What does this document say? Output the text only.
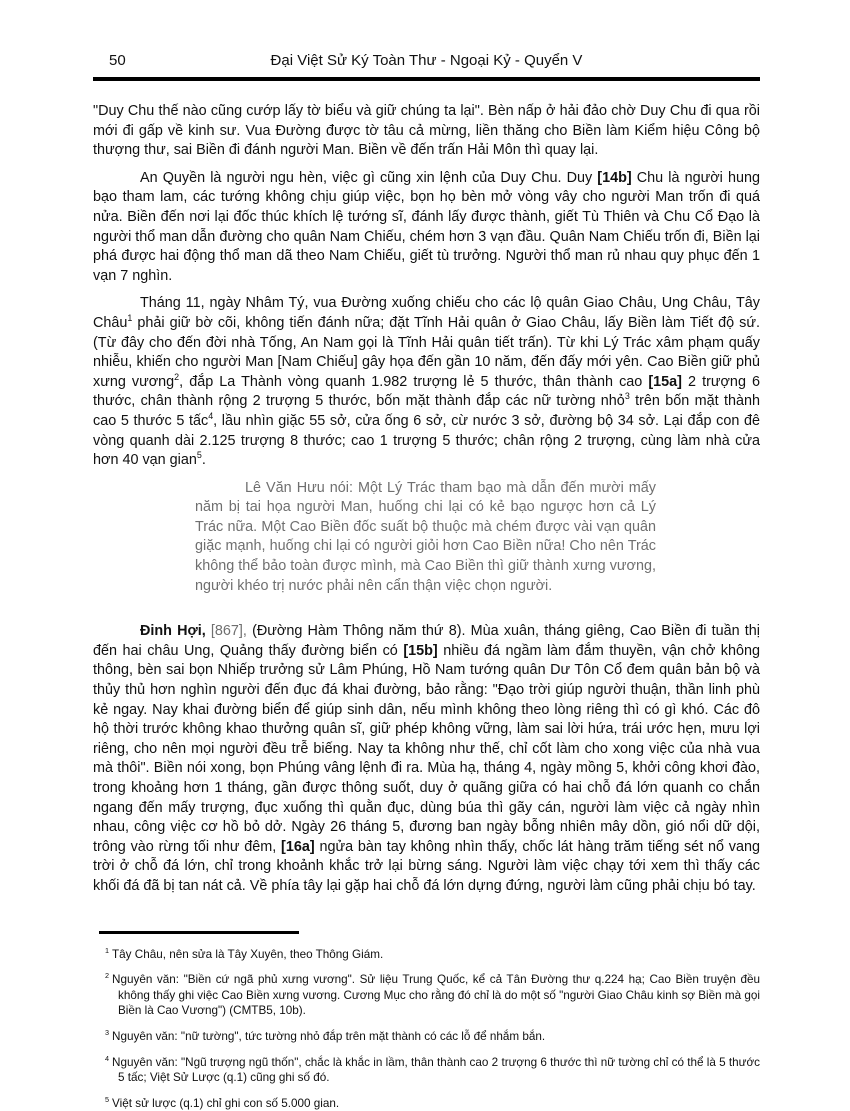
50	Đại Việt Sử Ký Toàn Thư - Ngoại Kỷ - Quyển V
"Duy Chu thế nào cũng cướp lấy tờ biểu và giữ chúng ta lại". Bèn nấp ở hải đảo chờ Duy Chu đi qua rồi mới đi gấp về kinh sư. Vua Đường được tờ tâu cả mừng, liền thăng cho Biền làm Kiểm hiệu Công bộ thượng thư, sai Biền đi đánh người Man. Biền về đến trấn Hải Môn thì quay lại.
An Quyền là người ngu hèn, việc gì cũng xin lệnh của Duy Chu. Duy [14b] Chu là người hung bạo tham lam, các tướng không chịu giúp việc, bọn họ bèn mở vòng vây cho người Man trốn đi quá nửa. Biền đến nơi lại đốc thúc khích lệ tướng sĩ, đánh lấy được thành, giết Tù Thiên và Chu Cổ Đạo là người thổ man dẫn đường cho quân Nam Chiếu, chém hơn 3 vạn đầu. Quân Nam Chiếu trốn đi, Biền lại phá được hai động thổ man dã theo Nam Chiếu, giết tù trưởng. Người thổ man rủ nhau quy phục đến 1 vạn 7 nghìn.
Tháng 11, ngày Nhâm Tý, vua Đường xuống chiếu cho các lộ quân Giao Châu, Ung Châu, Tây Châu$^1$ phải giữ bờ cõi, không tiến đánh nữa; đặt Tĩnh Hải quân ở Giao Châu, lấy Biền làm Tiết độ sứ. (Từ đây cho đến đời nhà Tống, An Nam gọi là Tĩnh Hải quân tiết trấn). Từ khi Lý Trác xâm phạm quấy nhiễu, khiến cho người Man [Nam Chiếu] gây họa đến gần 10 năm, đến đấy mới yên. Cao Biền giữ phủ xưng vương$^2$, đắp La Thành vòng quanh 1.982 trượng lẻ 5 thước, thân thành cao [15a] 2 trượng 6 thước, chân thành rộng 2 trượng 5 thước, bốn mặt thành đắp các nữ tường nhỏ$^3$ trên bốn mặt thành cao 5 thước 5 tấc$^4$, lầu nhìn giặc 55 sở, cửa ống 6 sở, cừ nước 3 sở, đường bộ 34 sở. Lại đắp con đê vòng quanh dài 2.125 trượng 8 thước; cao 1 trượng 5 thước; chân rộng 2 trượng, cùng làm nhà cửa hơn 40 vạn gian$^5$.
Lê Văn Hưu nói: Một Lý Trác tham bạo mà dẫn đến mười mấy năm bị tai họa người Man, huống chi lại có kẻ bạo ngược hơn cả Lý Trác nữa. Một Cao Biền đốc suất bộ thuộc mà chém được vài vạn quân giặc mạnh, huống chi lại có người giỏi hơn Cao Biền nữa! Cho nên Trác không thể bảo toàn được mình, mà Cao Biền thì giữ thành xưng vương, người khéo trị nước phải nên cẩn thận việc chọn người.
Đinh Hợi, [867], (Đường Hàm Thông năm thứ 8). Mùa xuân, tháng giêng, Cao Biền đi tuần thị đến hai châu Ung, Quảng thấy đường biển có [15b] nhiều đá ngầm làm đắm thuyền, vận chở không thông, bèn sai bọn Nhiếp trưởng sử Lâm Phúng, Hồ Nam tướng quân Dư Tôn Cổ đem quân bản bộ và thủy thủ hơn nghìn người đến đục đá khai đường, bảo rằng: "Đạo trời giúp người thuận, thần linh phù kẻ ngay. Nay khai đường biển để giúp sinh dân, nếu mình không theo lòng riêng thì có gì khó. Các đô hộ thời trước không khao thưởng quân sĩ, giữ phép không vững, làm sai lời hứa, trái ước hẹn, mưu lợi riêng, cho nên mọi người đều trễ biếng. Nay ta không như thế, chỉ cốt làm cho xong việc của nhà vua mà thôi". Biền nói xong, bọn Phúng vâng lệnh đi ra. Mùa hạ, tháng 4, ngày mồng 5, khởi công khơi đào, trong khoảng hơn 1 tháng, gần được thông suốt, duy ở quãng giữa có hai chỗ đá lớn quanh co chắn ngang đến mấy trượng, đục xuống thì quằn đục, dùng búa thì gãy cán, người làm việc cả ngày nhìn nhau, công việc cơ hồ bỏ dở. Ngày 26 tháng 5, đương ban ngày bỗng nhiên mây dồn, gió nổi dữ dội, trông vào rừng tối như đêm, [16a] ngửa bàn tay không nhìn thấy, chốc lát hàng trăm tiếng sét nổ vang trời ở chỗ đá lớn, chỉ trong khoảnh khắc trở lại bừng sáng. Người làm việc chạy tới xem thì thấy các khối đá đã bị tan nát cả. Về phía tây lại gặp hai chỗ đá lớn dựng đứng, người làm cũng phải chịu bó tay.
$^1$ Tây Châu, nên sửa là Tây Xuyên, theo Thông Giám.
$^2$ Nguyên văn: "Biền cứ ngã phủ xưng vương". Sử liệu Trung Quốc, kể cả Tân Đường thư q.224 hạ; Cao Biền truyện đều không thấy ghi việc Cao Biền xưng vương. Cương Mục cho rằng đó chỉ là do một số "người Giao Châu kinh sợ Biền mà gọi Biền là Cao Vương") (CMTB5, 10b).
$^3$ Nguyên văn: "nữ tường", tức tường nhỏ đắp trên mặt thành có các lỗ để nhắm bắn.
$^4$ Nguyên văn: "Ngũ trượng ngũ thốn", chắc là khắc in lầm, thân thành cao 2 trượng 6 thước thì nữ tường chỉ có thể là 5 thước 5 tấc; Việt Sử Lược (q.1) cũng ghi số đó.
$^5$ Việt sử lược (q.1) chỉ ghi con số 5.000 gian.
